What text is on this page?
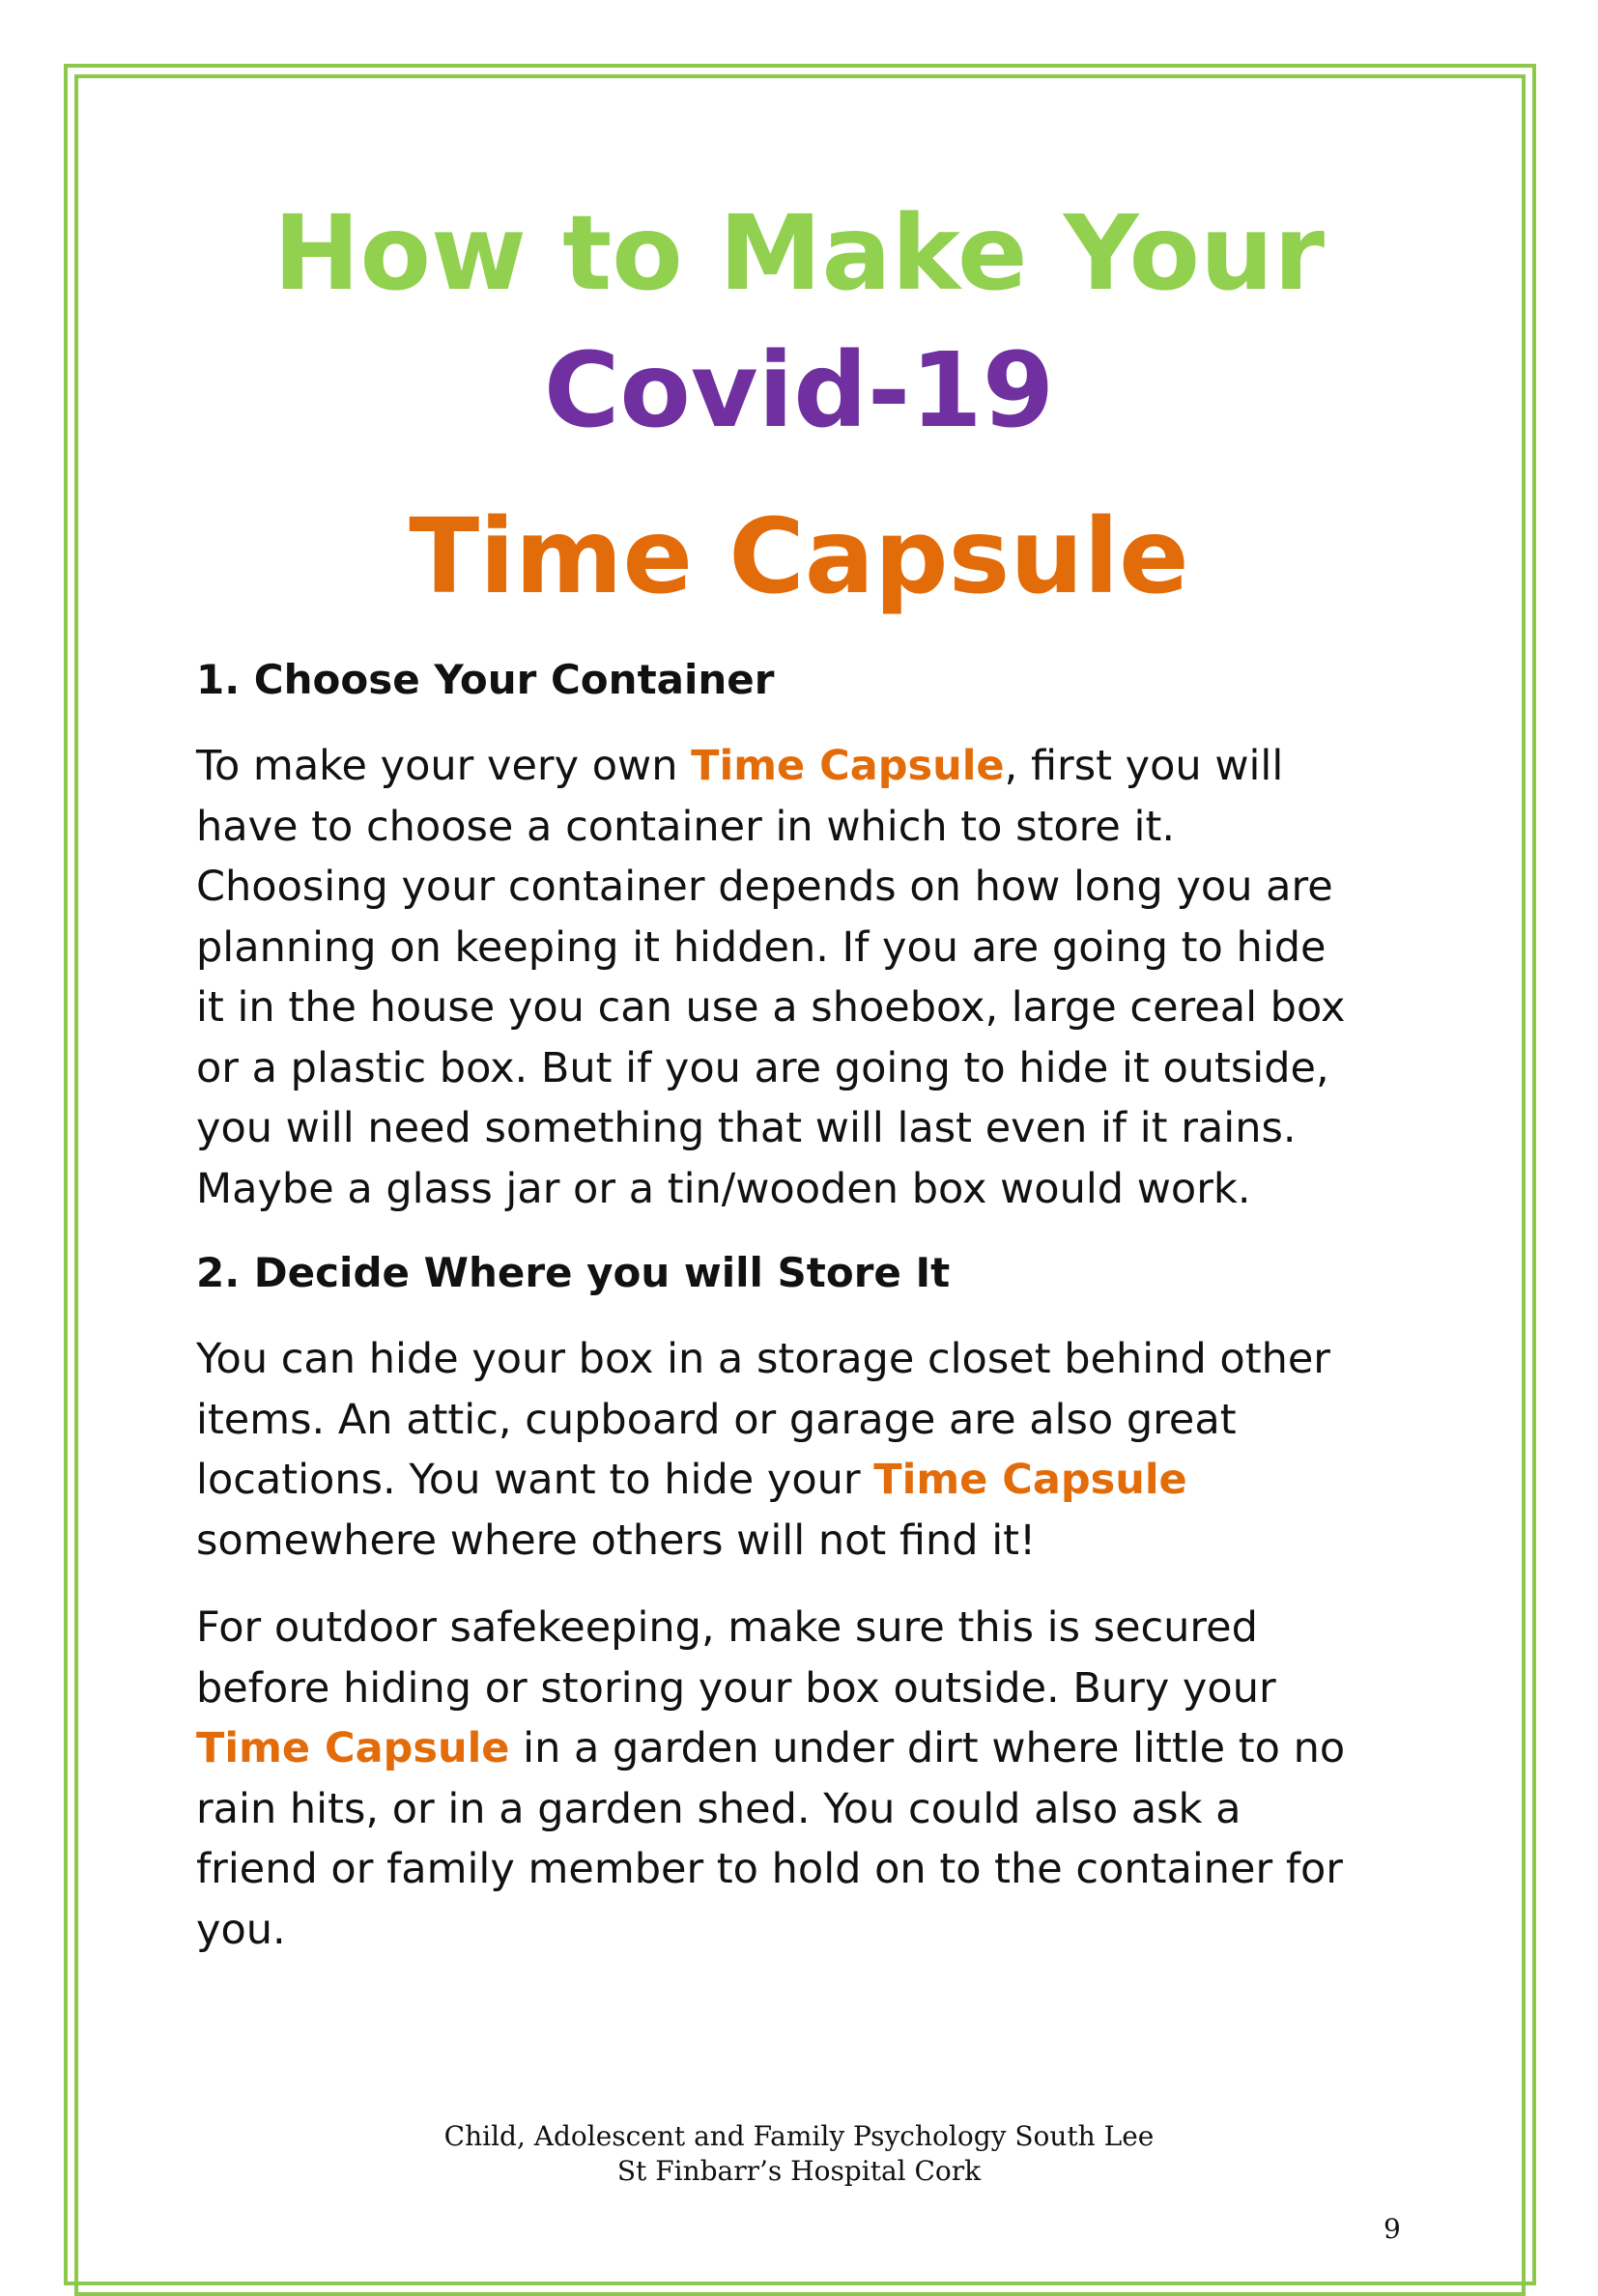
How to Make Your
Covid-19
Time Capsule
1. Choose Your Container

To make your very own Time Capsule, first you will
have to choose a container in which to store it.
Choosing your container depends on how long you are
planning on keeping it hidden. If you are going to hide
it in the house you can use a shoebox, large cereal box
or a plastic box. But if you are going to hide it outside,
you will need something that will last even if it rains.
Maybe a glass jar or a tin/wooden box would work.

2. Decide Where you will Store It

You can hide your box in a storage closet behind other
items. An attic, cupboard or garage are also great
locations. You want to hide your Time Capsule
somewhere where others will not find it!

For outdoor safekeeping, make sure this is secured
before hiding or storing your box outside. Bury your
Time Capsule in a garden under dirt where little to no
rain hits, or in a garden shed. You could also ask a
friend or family member to hold on to the container for
you.

Child, Adolescent and Family Psychology South Lee
St Finbarr’s Hospital Cork
9
